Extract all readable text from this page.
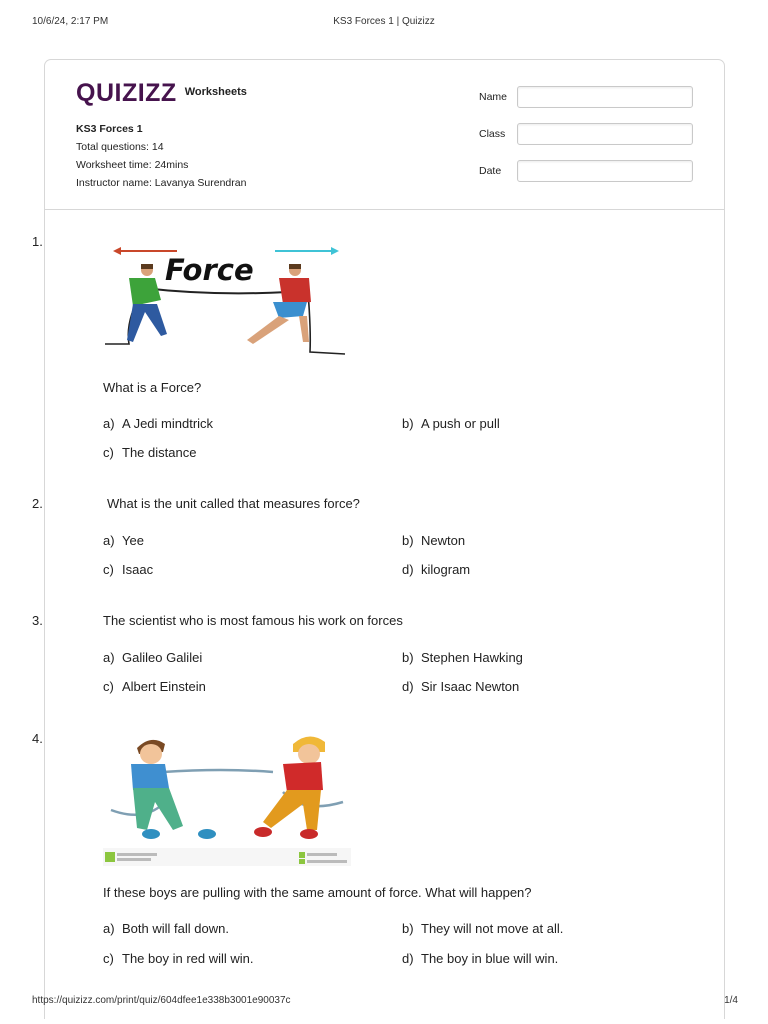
10/6/24, 2:17 PM	KS3 Forces 1 | Quizizz
QUIZIZZ Worksheets
KS3 Forces 1
Total questions: 14
Worksheet time: 24mins
Instructor name: Lavanya Surendran
Name
Class
Date
1.
Force
What is a Force?
a) A Jedi mindtrick	b) A push or pull
c) The distance
2.	What is the unit called that measures force?
a) Yee	b) Newton
c) Isaac	d) kilogram
3.	The scientist who is most famous his work on forces
a) Galileo Galilei	b) Stephen Hawking
c) Albert Einstein	d) Sir Isaac Newton
4.
If these boys are pulling with the same amount of force. What will happen?
a) Both will fall down.	b) They will not move at all.
c) The boy in red will win.	d) The boy in blue will win.
https://quizizz.com/print/quiz/604dfee1e338b3001e90037c	1/4
